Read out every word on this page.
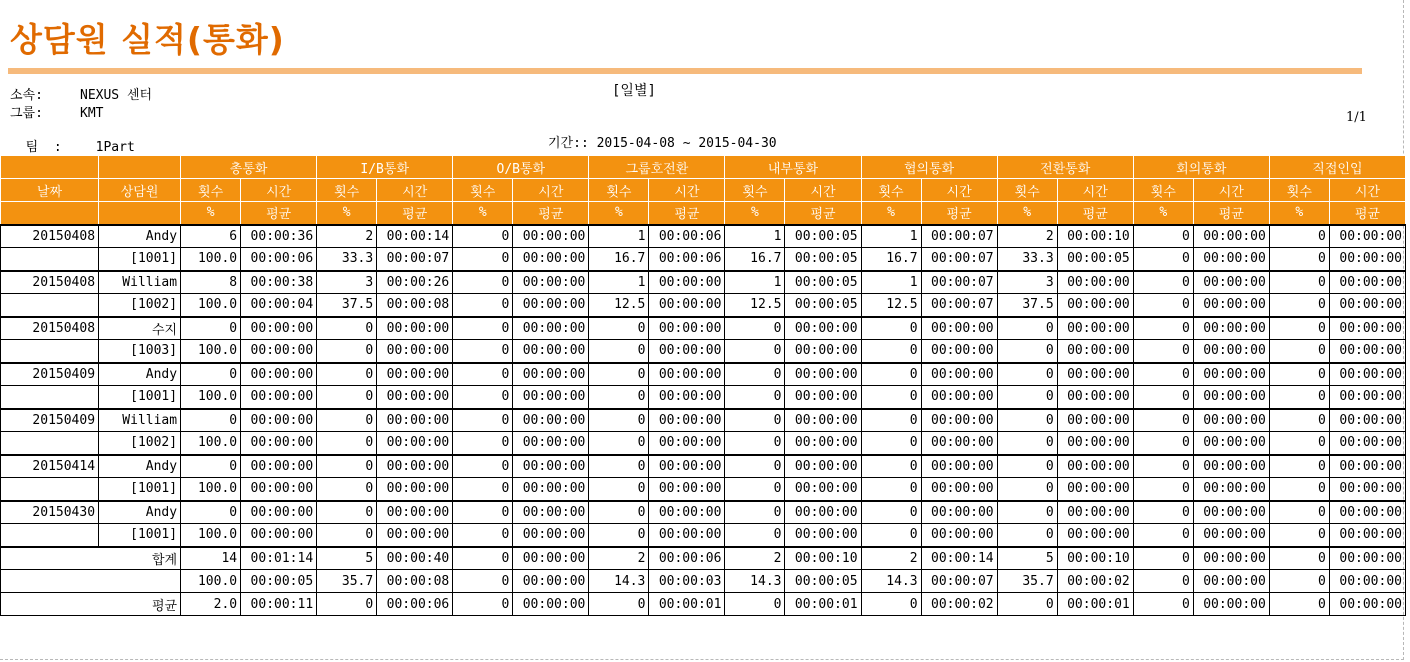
상담원 실적(통화)
소속:	NEXUS 센터
그룹:	KMT

팀  :	1Part

[일별]
기간:: 2015-04-08 ~ 2015-04-30
1/1
		총통화		I/B통화		O/B통화		그룹호전환		내부통화		협의통화		전환통화		회의통화		직접인입	
날짜	상담원	횟수	시간	횟수	시간	횟수	시간	횟수	시간	횟수	시간	횟수	시간	횟수	시간	횟수	시간	횟수	시간
		%	평균	%	평균	%	평균	%	평균	%	평균	%	평균	%	평균	%	평균	%	평균
20150408	Andy	6	00:00:36	2	00:00:14	0	00:00:00	1	00:00:06	1	00:00:05	1	00:00:07	2	00:00:10	0	00:00:00	0	00:00:00
	[1001]	100.0	00:00:06	33.3	00:00:07	0	00:00:00	16.7	00:00:06	16.7	00:00:05	16.7	00:00:07	33.3	00:00:05	0	00:00:00	0	00:00:00
20150408	William	8	00:00:38	3	00:00:26	0	00:00:00	1	00:00:00	1	00:00:05	1	00:00:07	3	00:00:00	0	00:00:00	0	00:00:00
	[1002]	100.0	00:00:04	37.5	00:00:08	0	00:00:00	12.5	00:00:00	12.5	00:00:05	12.5	00:00:07	37.5	00:00:00	0	00:00:00	0	00:00:00
20150408	수지	0	00:00:00	0	00:00:00	0	00:00:00	0	00:00:00	0	00:00:00	0	00:00:00	0	00:00:00	0	00:00:00	0	00:00:00
	[1003]	100.0	00:00:00	0	00:00:00	0	00:00:00	0	00:00:00	0	00:00:00	0	00:00:00	0	00:00:00	0	00:00:00	0	00:00:00
20150409	Andy	0	00:00:00	0	00:00:00	0	00:00:00	0	00:00:00	0	00:00:00	0	00:00:00	0	00:00:00	0	00:00:00	0	00:00:00
	[1001]	100.0	00:00:00	0	00:00:00	0	00:00:00	0	00:00:00	0	00:00:00	0	00:00:00	0	00:00:00	0	00:00:00	0	00:00:00
20150409	William	0	00:00:00	0	00:00:00	0	00:00:00	0	00:00:00	0	00:00:00	0	00:00:00	0	00:00:00	0	00:00:00	0	00:00:00
	[1002]	100.0	00:00:00	0	00:00:00	0	00:00:00	0	00:00:00	0	00:00:00	0	00:00:00	0	00:00:00	0	00:00:00	0	00:00:00
20150414	Andy	0	00:00:00	0	00:00:00	0	00:00:00	0	00:00:00	0	00:00:00	0	00:00:00	0	00:00:00	0	00:00:00	0	00:00:00
	[1001]	100.0	00:00:00	0	00:00:00	0	00:00:00	0	00:00:00	0	00:00:00	0	00:00:00	0	00:00:00	0	00:00:00	0	00:00:00
20150430	Andy	0	00:00:00	0	00:00:00	0	00:00:00	0	00:00:00	0	00:00:00	0	00:00:00	0	00:00:00	0	00:00:00	0	00:00:00
	[1001]	100.0	00:00:00	0	00:00:00	0	00:00:00	0	00:00:00	0	00:00:00	0	00:00:00	0	00:00:00	0	00:00:00	0	00:00:00
합계		14	00:01:14	5	00:00:40	0	00:00:00	2	00:00:06	2	00:00:10	2	00:00:14	5	00:00:10	0	00:00:00	0	00:00:00
		100.0	00:00:05	35.7	00:00:08	0	00:00:00	14.3	00:00:03	14.3	00:00:05	14.3	00:00:07	35.7	00:00:02	0	00:00:00	0	00:00:00
평균		2.0	00:00:11	0	00:00:06	0	00:00:00	0	00:00:01	0	00:00:01	0	00:00:02	0	00:00:01	0	00:00:00	0	00:00:00
